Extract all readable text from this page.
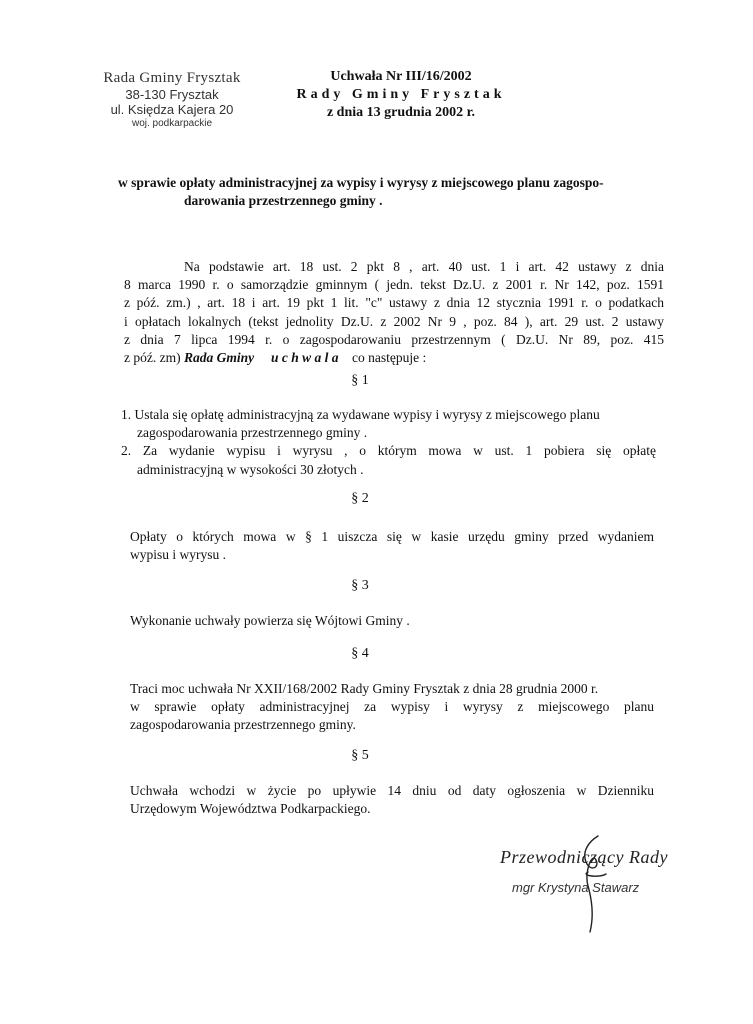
Rada Gminy Frysztak
38-130 Frysztak
ul. Księdza Kajera 20
woj. podkarpackie
Uchwała Nr III/16/2002
Rady Gminy Frysztak
z dnia 13 grudnia 2002 r.
w sprawie opłaty administracyjnej za wypisy i wyrysy z miejscowego planu zagospo-
darowania przestrzennego gminy .
Na podstawie art. 18 ust. 2 pkt 8 , art. 40 ust. 1 i art. 42 ustawy z dnia
8 marca 1990 r. o samorządzie gminnym ( jedn. tekst Dz.U. z 2001 r. Nr 142, poz. 1591
z póź. zm.) , art. 18 i art. 19 pkt 1 lit. "c" ustawy z dnia 12 stycznia 1991 r. o podatkach
i opłatach lokalnych (tekst jednolity Dz.U. z 2002 Nr 9 , poz. 84 ), art. 29 ust. 2 ustawy
z dnia 7 lipca 1994 r. o zagospodarowaniu przestrzennym ( Dz.U. Nr 89, poz. 415
z póź. zm) Rada Gminy u c h w a l a co następuje :
§ 1
1. Ustala się opłatę administracyjną za wydawane wypisy i wyrysy z miejscowego planu
zagospodarowania przestrzennego gminy .
2. Za wydanie wypisu i wyrysu , o którym mowa w ust. 1 pobiera się opłatę
administracyjną w wysokości 30 złotych .
§ 2
Opłaty o których mowa w § 1 uiszcza się w kasie urzędu gminy przed wydaniem
wypisu i wyrysu .
§ 3
Wykonanie uchwały powierza się Wójtowi Gminy .
§ 4
Traci moc uchwała Nr XXII/168/2002 Rady Gminy Frysztak z dnia 28 grudnia 2000 r.
w sprawie opłaty administracyjnej za wypisy i wyrysy z miejscowego planu
zagospodarowania przestrzennego gminy.
§ 5
Uchwała wchodzi w życie po upływie 14 dniu od daty ogłoszenia w Dzienniku
Urzędowym Województwa Podkarpackiego.
Przewodniczący Rady
mgr Krystyna Stawarz
